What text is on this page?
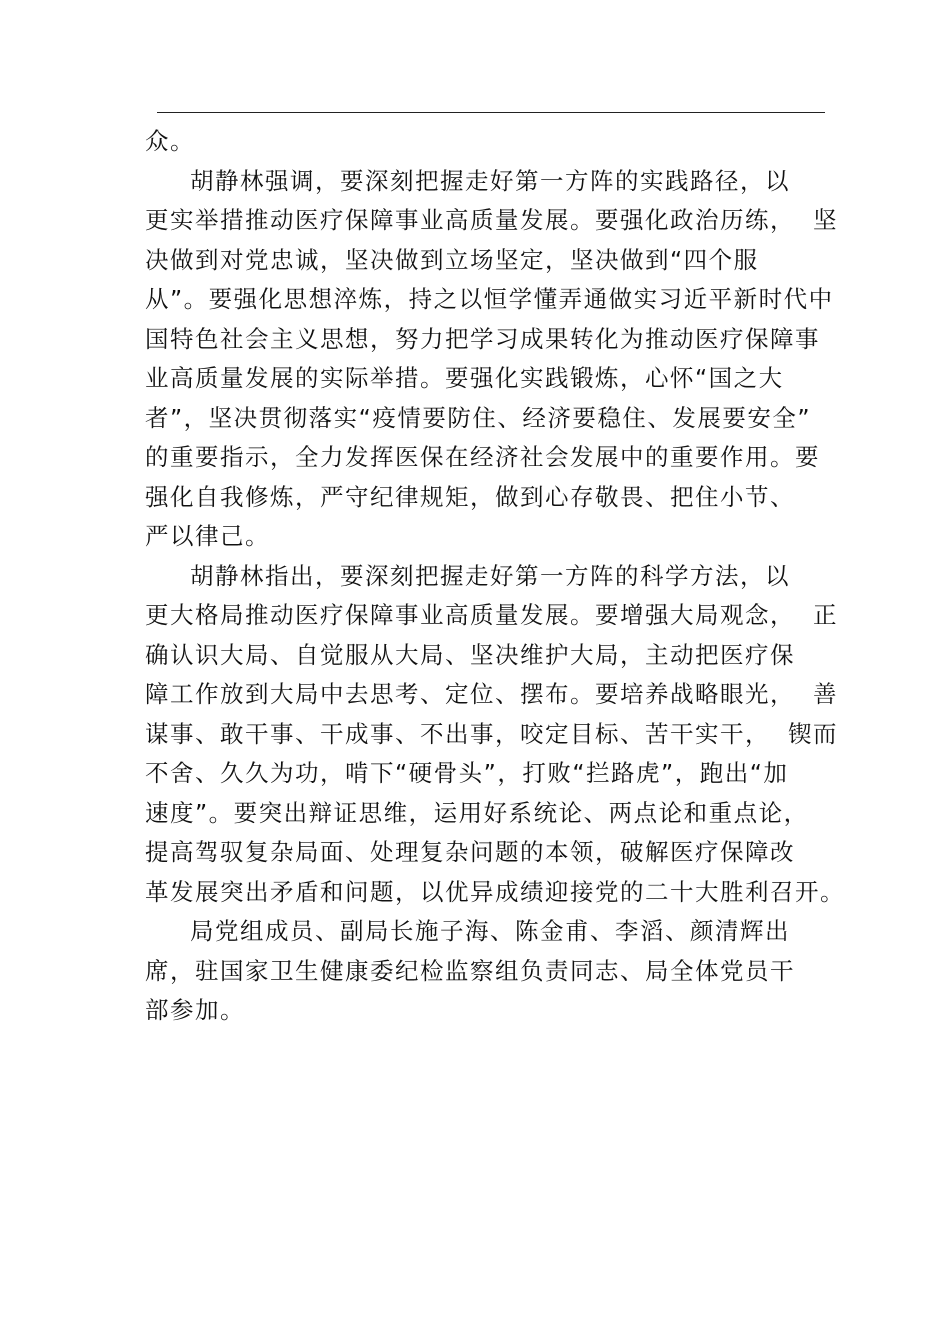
众。
胡静林强调，要深刻把握走好第一方阵的实践路径，以
更实举措推动医疗保障事业高质量发展。要强化政治历练，  坚
决做到对党忠诚，坚决做到立场坚定，坚决做到“四个服
从”。要强化思想淬炼，持之以恒学懂弄通做实习近平新时代中
国特色社会主义思想，努力把学习成果转化为推动医疗保障事
业高质量发展的实际举措。要强化实践锻炼，心怀“国之大
者”，坚决贯彻落实“疫情要防住、经济要稳住、发展要安全”
的重要指示，全力发挥医保在经济社会发展中的重要作用。要
强化自我修炼，严守纪律规矩，做到心存敬畏、把住小节、
严以律己。
胡静林指出，要深刻把握走好第一方阵的科学方法，以
更大格局推动医疗保障事业高质量发展。要增强大局观念，  正
确认识大局、自觉服从大局、坚决维护大局，主动把医疗保
障工作放到大局中去思考、定位、摆布。要培养战略眼光，  善
谋事、敢干事、干成事、不出事，咬定目标、苦干实干，  锲而
不舍、久久为功，啃下“硬骨头”，打败“拦路虎”，跑出“加
速度”。要突出辩证思维，运用好系统论、两点论和重点论，
提高驾驭复杂局面、处理复杂问题的本领，破解医疗保障改
革发展突出矛盾和问题，以优异成绩迎接党的二十大胜利召开。
局党组成员、副局长施子海、陈金甫、李滔、颜清辉出
席，驻国家卫生健康委纪检监察组负责同志、局全体党员干
部参加。
